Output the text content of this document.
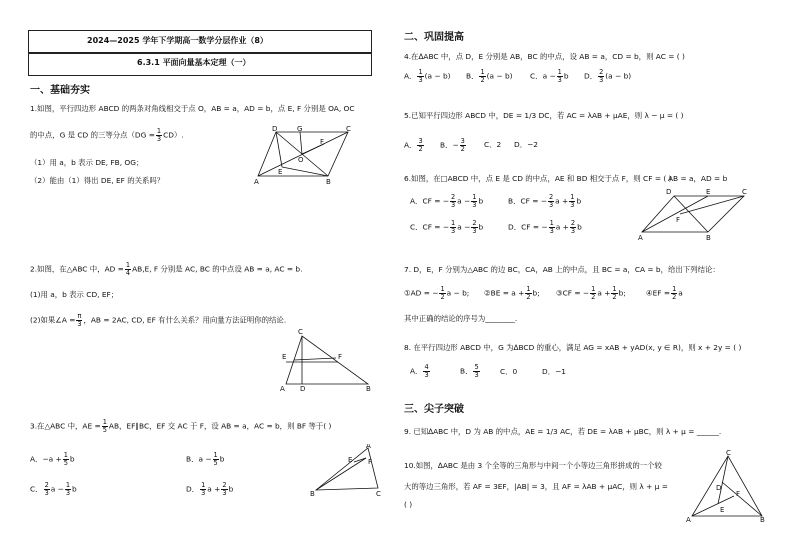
2024—2025 学年下学期高一数学分层作业（8）
6.3.1 平面向量基本定理（一）
一、基础夯实
1.如图，平行四边形 ABCD 的两条对角线相交于点 O，AB = a，AD = b，点 E, F 分别是 OA, OC
的中点，G 是 CD 的三等分点$(DG = \frac{1}{3} CD)$.
（1）用 a，b 表示 DE, FB, OG；
（2）能由（1）得出 DE, EF 的关系吗？
D	G	C
F
O
E
A	B
2.如图，在△ABC 中，AD = $\frac{1}{4} AB,E$, F 分别是 AC, BC 的中点设 AB = a, AC = b.
(1)用 a，b 表示 CD, EF；
(2)如果∠A = $\frac{\pi}{3}$ ，AB = 2AC, CD, EF 有什么关系？用向量方法证明你的结论.
C
E	F
A D	B
3.在△ABC 中，AE = $\frac{1}{5}$ AB，EF∥BC，EF 交 AC 于 F，设 AB = a，AC = b，则 BF 等于( )
A．$-a + \frac{1}{5}$ b	B．$a - \frac{1}{5}$ b
C． $\frac{2}{3}$ $a - \frac{1}{3}$ b	D． $\frac{1}{3}$ $a + \frac{2}{3}$ b
A
E F
B	C
二、巩固提高
4.在∆ABC 中，点 D，E 分别是 AB，BC 的中点，设 AB = a，CD = b，则 AC = ( )
A． $\frac{1}{3} (a - b)$ B． $\frac{1}{2} (a - b)$ C．$a - \frac{1}{3}$ b D． $\frac{2}{3} (a - b)$
5.已知平行四边形 ABCD 中，DE = 1/3 DC，若 AC = λAB + μAE，则 λ − μ = ( )
A． $\frac{3}{2}$ B．− $\frac{3}{2}$ C．2 D．−2
6.如图，在□ABCD 中，点 E 是 CD 的中点，AE 和 BD 相交于点 F，则 CF = ( )
AB = a，AD = b
A．CF = − $\frac{2}{3}$ $a - \frac{1}{3}$ b	B．CF = − $\frac{2}{3}$ $a + \frac{1}{3}$ b
C．CF = − $\frac{1}{3}$ $a - \frac{2}{3}$ b	D．CF = − $\frac{1}{3}$ $a + \frac{2}{3}$ b
D	E	C
F
A	B
7. D，E，F 分别为△ABC 的边 BC，CA，AB 上的中点，且 BC = a，CA = b，给出下列结论：
①AD = − $\frac{1}{2}$ a − b; ②BE = $a + \frac{1}{2} b$; ③CF = − $\frac{1}{2}$ $a + \frac{1}{2} b$;	④EF = $\frac{1}{2}$ a
其中正确的结论的序号为________.
8. 在平行四边形 ABCD 中，G 为∆BCD 的重心，满足 AG = xAB + yAD(x, y ∈ R)，则 x + 2y = ( )
A． $\frac{4}{3}$	B． $\frac{5}{3}$	C．0	D．−1
三、尖子突破
9. 已知∆ABC 中，D 为 AB 的中点，AE = 1/3 AC，若 DE = λAB + μBC，则 λ + μ = ______.
10.如图，∆ABC 是由 3 个全等的三角形与中间一个小等边三角形拼成的一个较
大的等边三角形，若 AF = 3EF，|AB| = 3，且 AF = λAB + μAC，则 λ + μ =
( )
C
D
F
E
A	B
